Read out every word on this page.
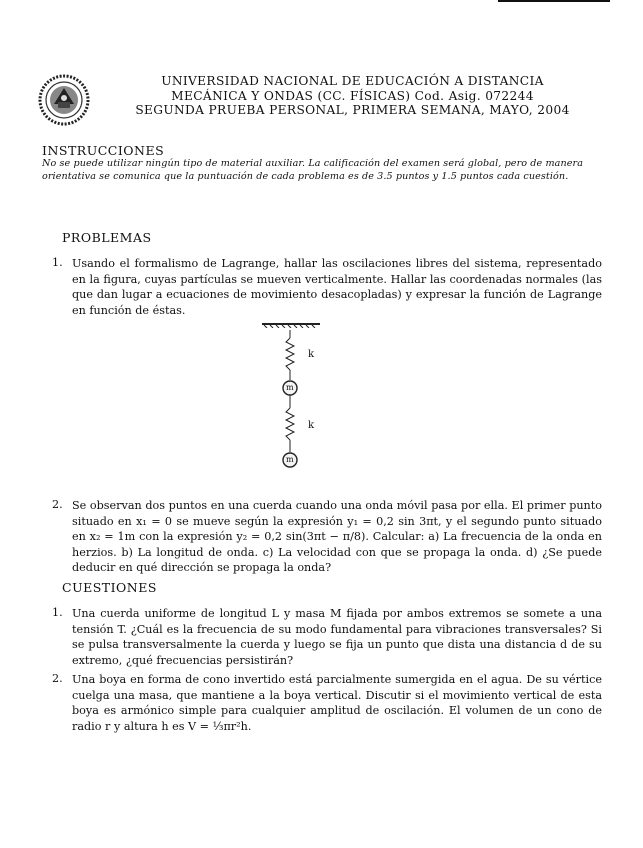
UNIVERSIDAD NACIONAL DE EDUCACIÓN A DISTANCIA
MECÁNICA Y ONDAS (CC. FÍSICAS) Cod. Asig. 072244
SEGUNDA PRUEBA PERSONAL, PRIMERA SEMANA, MAYO, 2004
INSTRUCCIONES
No se puede utilizar ningún tipo de material auxiliar. La calificación del examen será global, pero de manera orientativa se comunica que la puntuación de cada problema es de 3.5 puntos y 1.5 puntos cada cuestión.
PROBLEMAS
1. Usando el formalismo de Lagrange, hallar las oscilaciones libres del sistema, representado en la figura, cuyas partículas se mueven verticalmente. Hallar las coordenadas normales (las que dan lugar a ecuaciones de movimiento desacopladas) y expresar la función de Lagrange en función de éstas.
k
m
k
m
2. Se observan dos puntos en una cuerda cuando una onda móvil pasa por ella. El primer punto situado en x₁ = 0 se mueve según la expresión y₁ = 0,2 sin 3πt, y el segundo punto situado en x₂ = 1m con la expresión y₂ = 0,2 sin(3πt − π/8). Calcular: a) La frecuencia de la onda en herzios. b) La longitud de onda. c) La velocidad con que se propaga la onda. d) ¿Se puede deducir en qué dirección se propaga la onda?
CUESTIONES
1. Una cuerda uniforme de longitud L y masa M fijada por ambos extremos se somete a una tensión T. ¿Cuál es la frecuencia de su modo fundamental para vibraciones transversales? Si se pulsa transversalmente la cuerda y luego se fija un punto que dista una distancia d de su extremo, ¿qué frecuencias persistirán?
2. Una boya en forma de cono invertido está parcialmente sumergida en el agua. De su vértice cuelga una masa, que mantiene a la boya vertical. Discutir si el movimiento vertical de esta boya es armónico simple para cualquier amplitud de oscilación. El volumen de un cono de radio r y altura h es V = ⅓πr²h.
